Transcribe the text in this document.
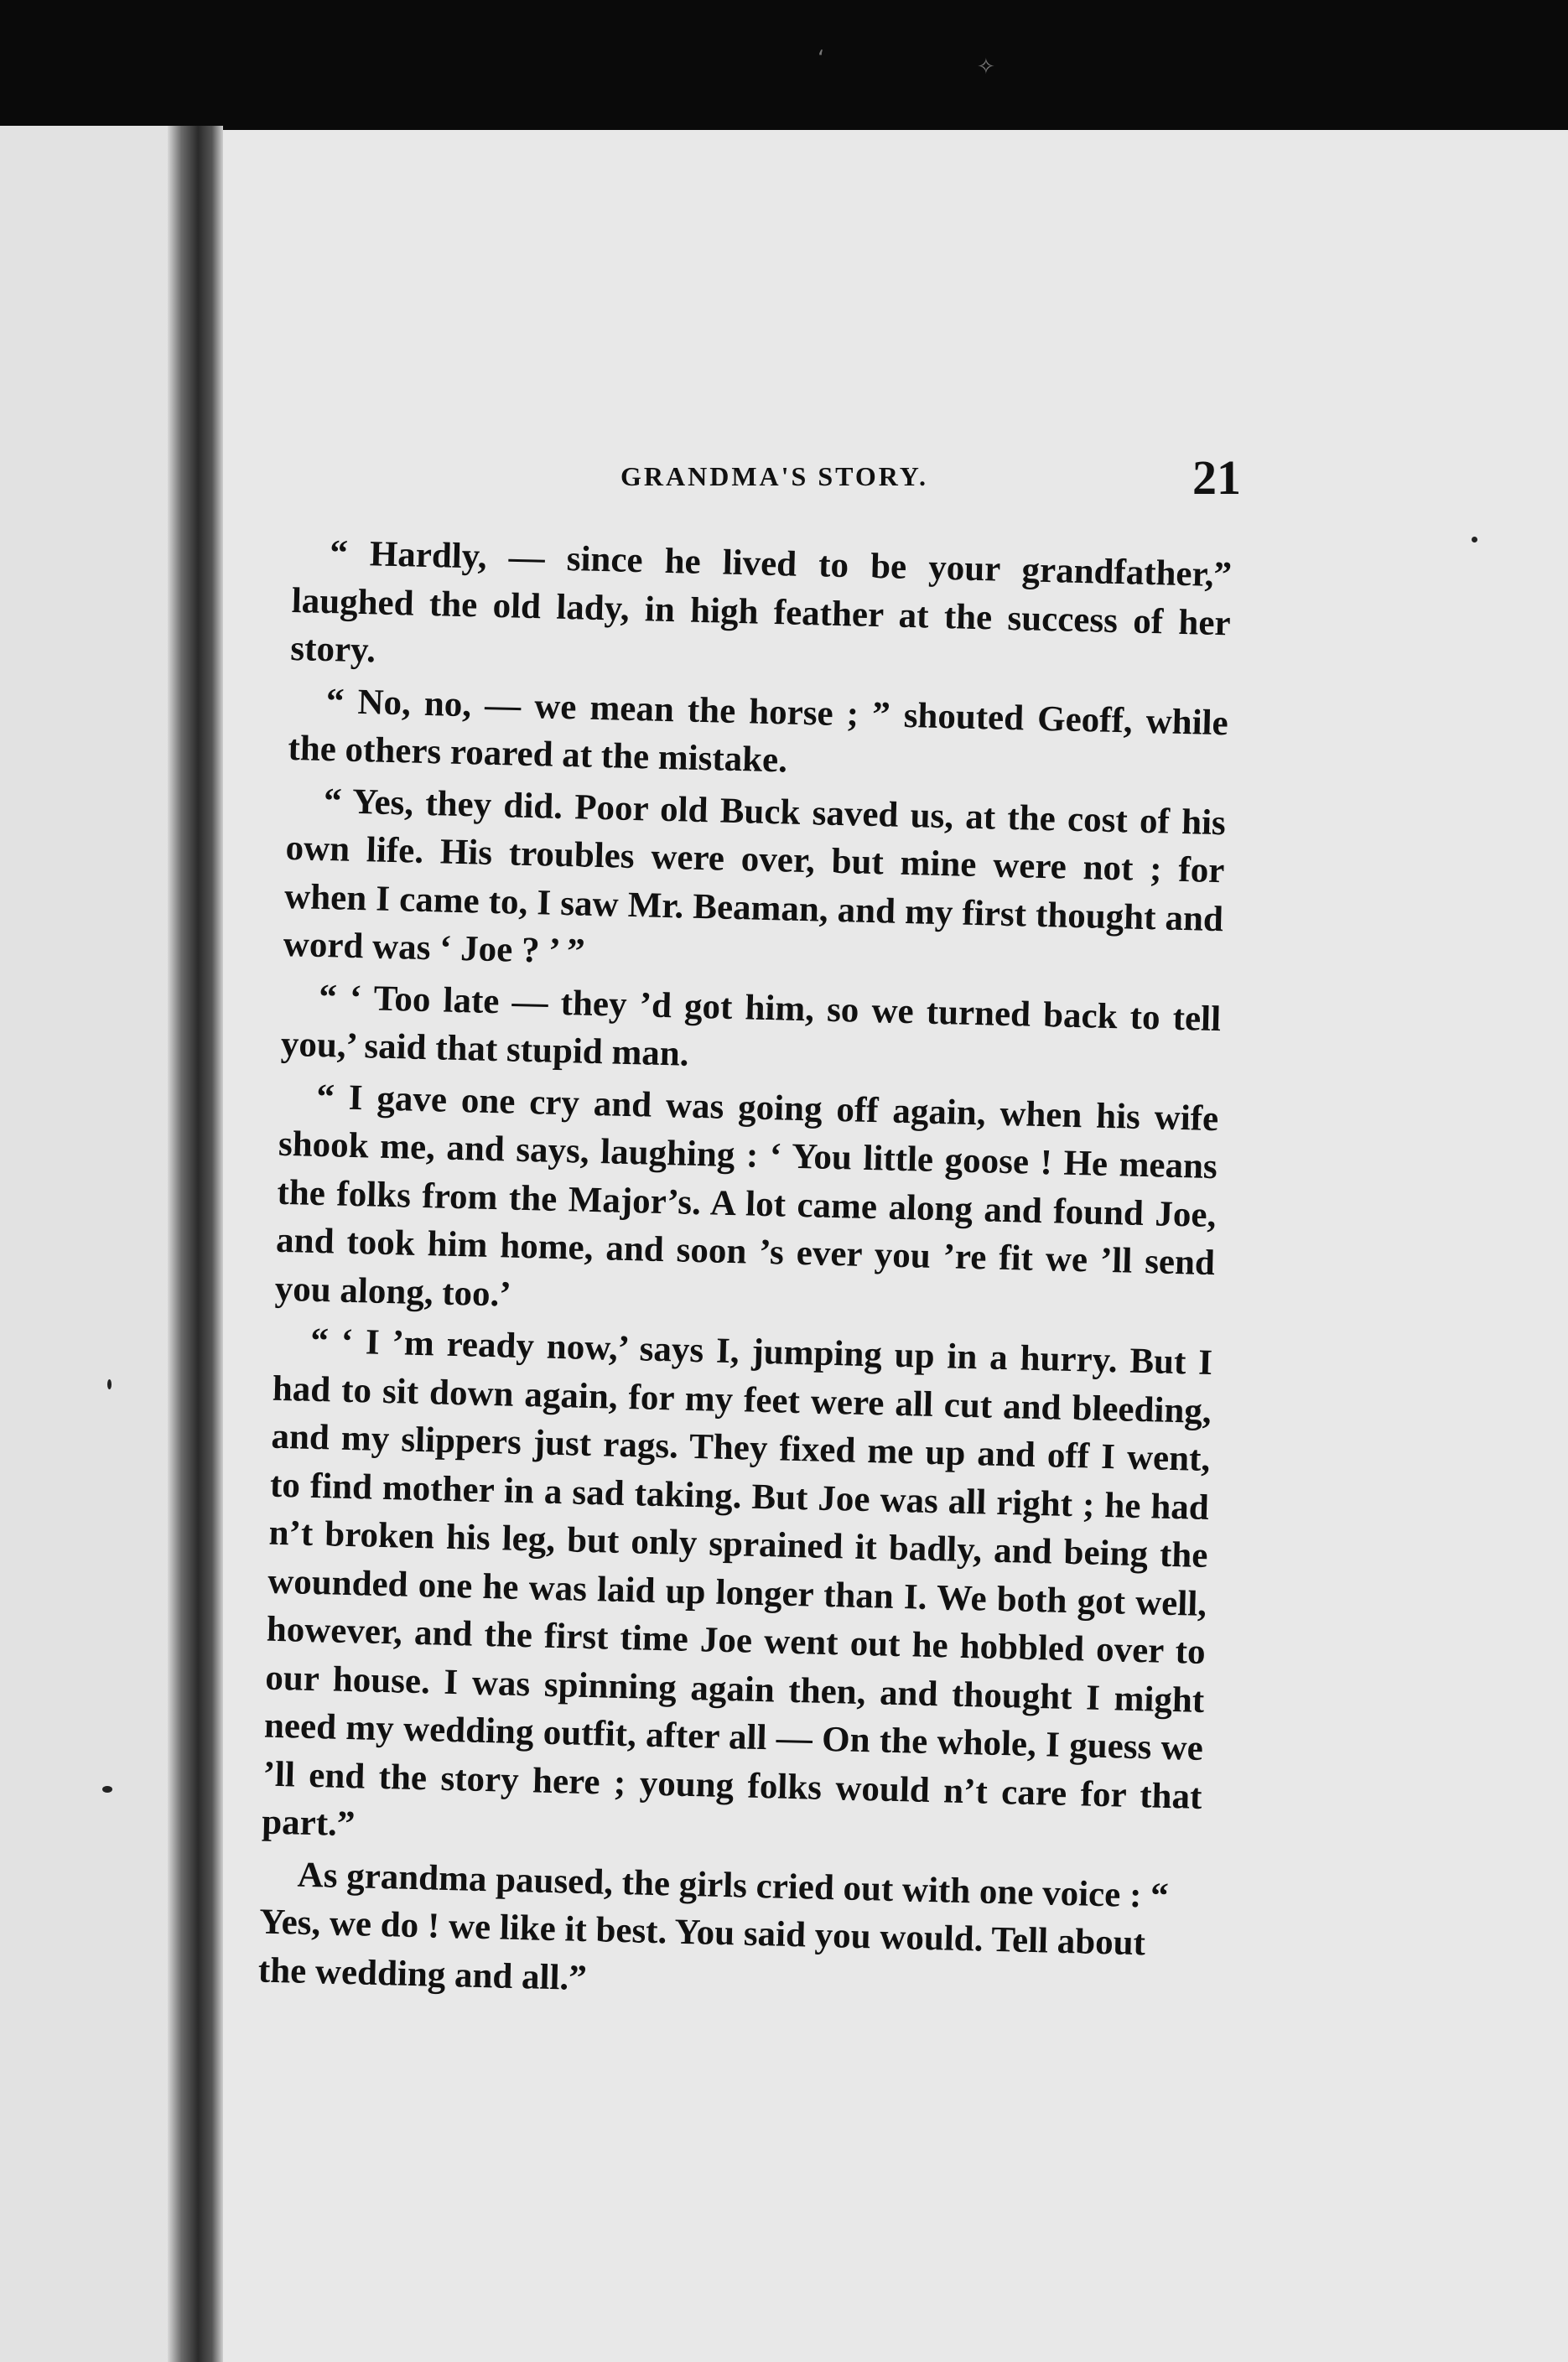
ʻ	✧
GRANDMA'S STORY.	21

“ Hardly, — since he lived to be your grandfather,” laughed the old lady, in high feather at the success of her story.

“ No, no, — we mean the horse ; ” shouted Geoff, while the others roared at the mistake.

“ Yes, they did. Poor old Buck saved us, at the cost of his own life. His troubles were over, but mine were not ; for when I came to, I saw Mr. Beaman, and my first thought and word was ‘ Joe ? ’ ”

“ ‘ Too late — they ’d got him, so we turned back to tell you,’ said that stupid man.

“ I gave one cry and was going off again, when his wife shook me, and says, laughing : ‘ You little goose ! He means the folks from the Major’s. A lot came along and found Joe, and took him home, and soon ’s ever you ’re fit we ’ll send you along, too.’

“ ‘ I ’m ready now,’ says I, jumping up in a hurry. But I had to sit down again, for my feet were all cut and bleeding, and my slippers just rags. They fixed me up and off I went, to find mother in a sad taking. But Joe was all right ; he had n’t broken his leg, but only sprained it badly, and being the wounded one he was laid up longer than I. We both got well, however, and the first time Joe went out he hobbled over to our house. I was spinning again then, and thought I might need my wedding outfit, after all — On the whole, I guess we ’ll end the story here ; young folks would n’t care for that part.”

As grandma paused, the girls cried out with one voice : “ Yes, we do ! we like it best. You said you would. Tell about the wedding and all.”
